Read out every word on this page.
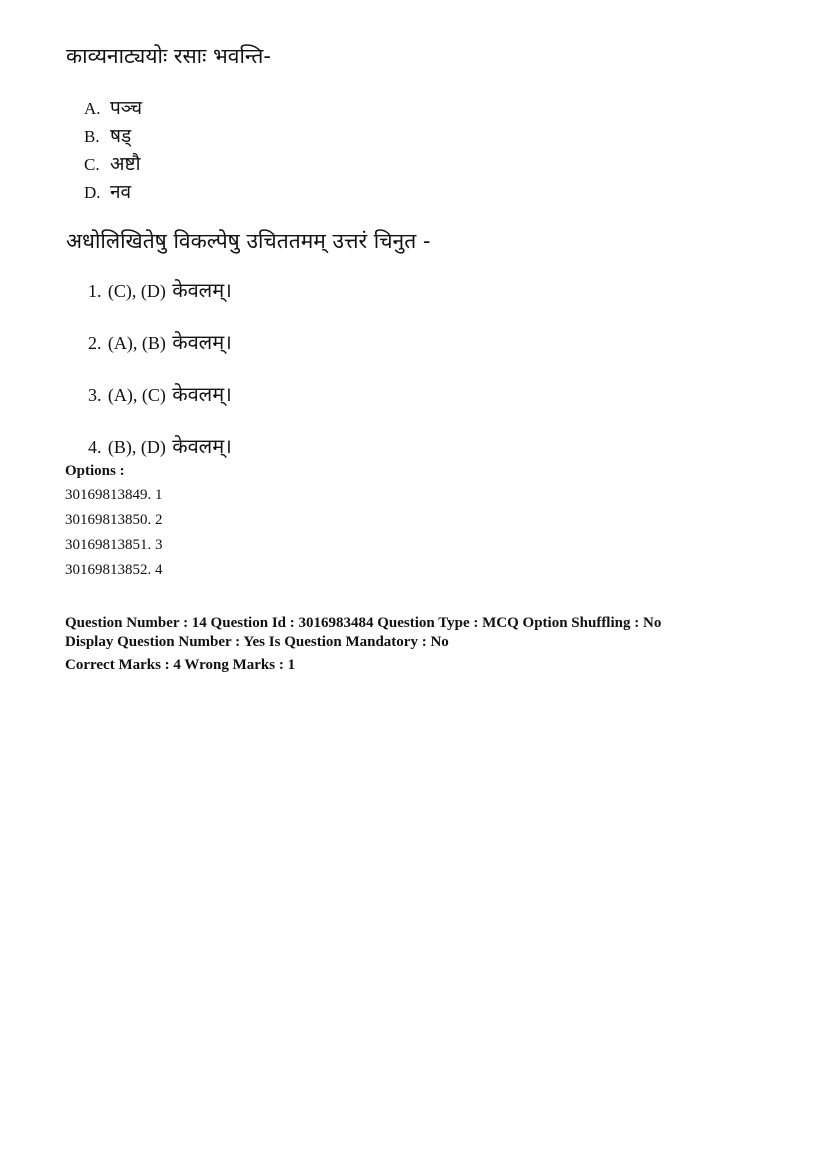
काव्यनाट्ययोः रसाः भवन्ति-
A. पञ्च
B. षड्
C. अष्टौ
D. नव
अधोलिखितेषु विकल्पेषु उचिततमम् उत्तरं चिनुत -
1. (C), (D) केवलम्।
2. (A), (B) केवलम्।
3. (A), (C) केवलम्।
4. (B), (D) केवलम्।
Options :
30169813849. 1
30169813850. 2
30169813851. 3
30169813852. 4
Question Number : 14 Question Id : 3016983484 Question Type : MCQ Option Shuffling : No
Display Question Number : Yes Is Question Mandatory : No
Correct Marks : 4 Wrong Marks : 1
